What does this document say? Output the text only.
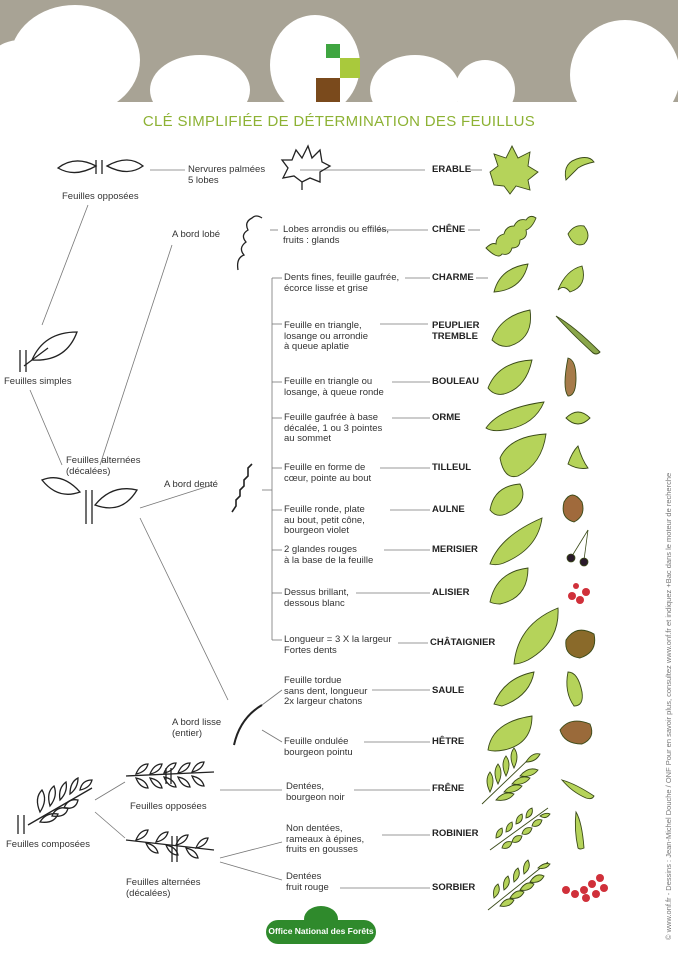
CLÉ SIMPLIFIÉE DE DÉTERMINATION DES FEUILLUS
Feuilles opposées
Feuilles simples
Feuilles alternées
(décalées)
A bord lobé
A bord denté
A bord lisse
(entier)
Feuilles composées
Feuilles opposées
Feuilles alternées
(décalées)
Nervures palmées
5 lobes
Lobes arrondis ou effilés,
fruits : glands
Dents fines, feuille gaufrée,
écorce lisse et grise
Feuille en triangle,
losange ou arrondie
à queue aplatie
Feuille en triangle ou
losange, à queue ronde
Feuille gaufrée à base
décalée, 1 ou 3 pointes
au sommet
Feuille en forme de
cœur, pointe au bout
Feuille ronde, plate
au bout, petit cône,
bourgeon violet
2 glandes rouges
à la base de la feuille
Dessus brillant,
dessous blanc
Longueur = 3 X la largeur
Fortes dents
Feuille tordue
sans dent, longueur
2x largeur chatons
Feuille ondulée
bourgeon pointu
Dentées,
bourgeon noir
Non dentées,
rameaux à épines,
fruits en gousses
Dentées
fruit rouge
ERABLE
CHÊNE
CHARME
PEUPLIER
TREMBLE
BOULEAU
ORME
TILLEUL
AULNE
MERISIER
ALISIER
CHÂTAIGNIER
SAULE
HÊTRE
FRÊNE
ROBINIER
SORBIER	© www.onf.fr - Dessins : Jean-Michel Douche / ONF Pour en savoir plus, consultez www.onf.fr et indiquez +Bac dans le moteur de recherche
Office National des Forêts
